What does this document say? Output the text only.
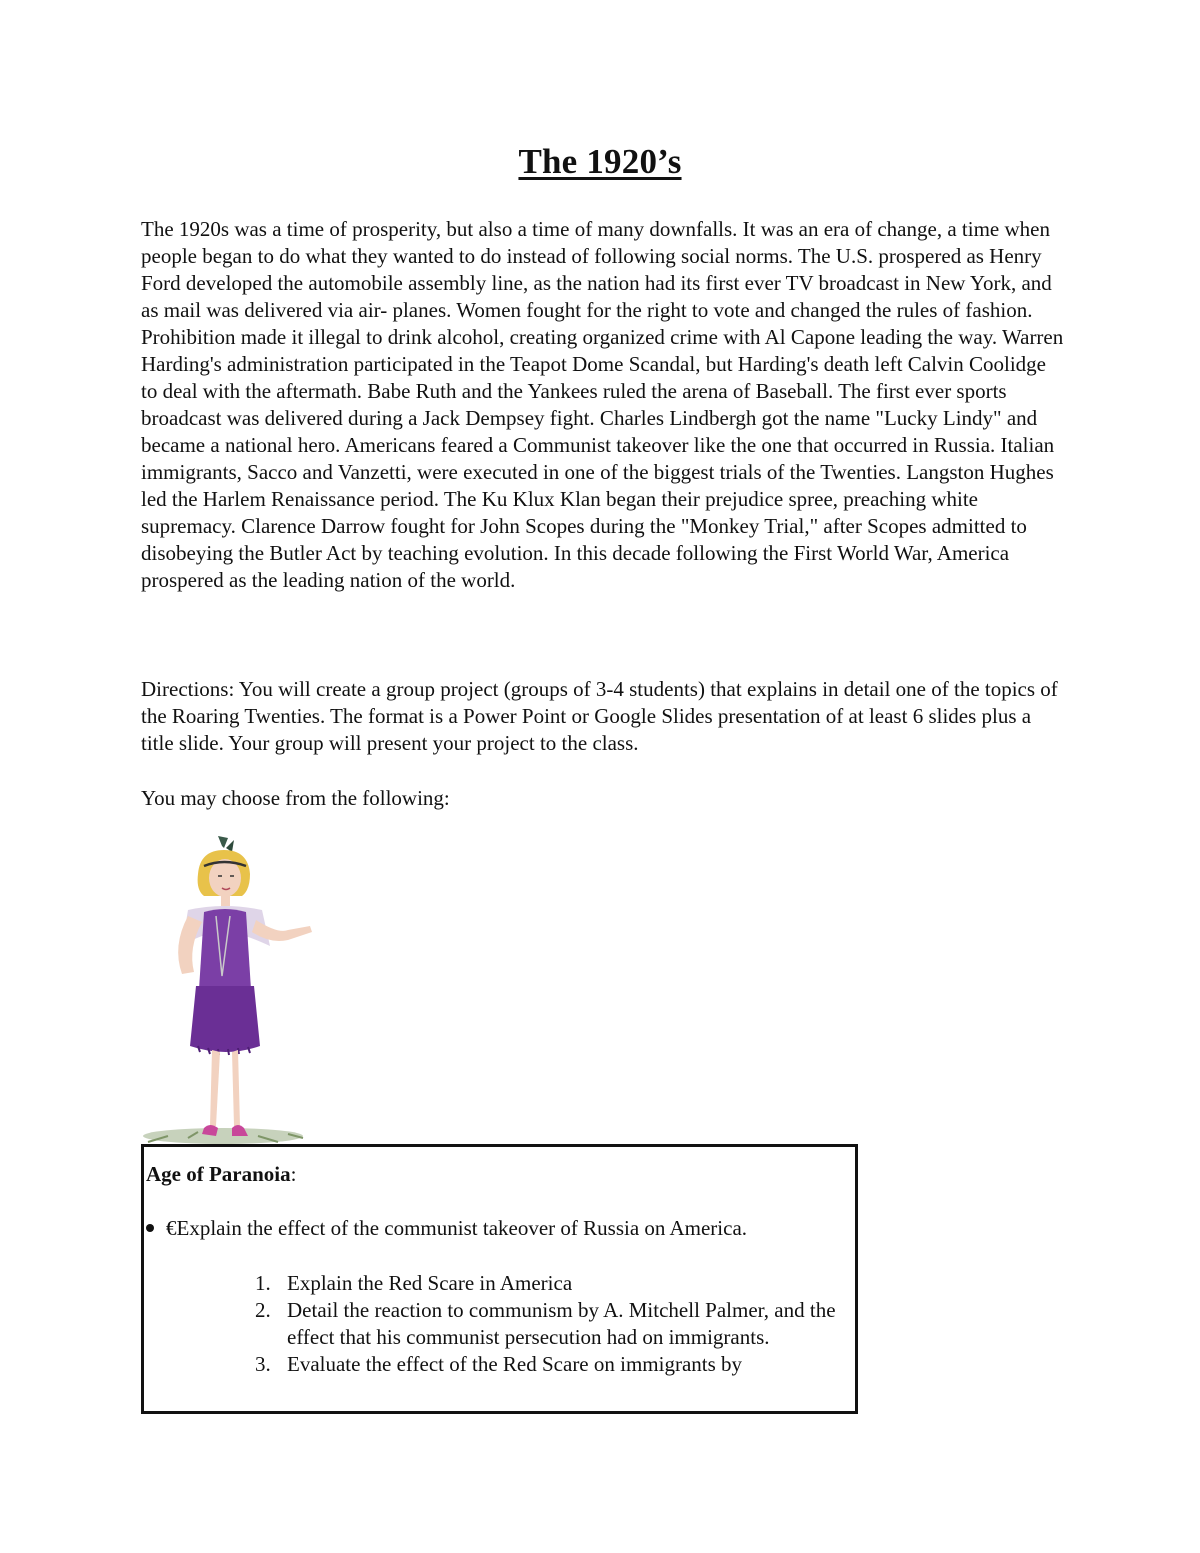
The 1920’s

The 1920s was a time of prosperity, but also a time of many downfalls. It was an era of change, a time when people began to do what they wanted to do instead of following social norms. The U.S. prospered as Henry Ford developed the automobile assembly line, as the nation had its first ever TV broadcast in New York, and as mail was delivered via air- planes. Women fought for the right to vote and changed the rules of fashion. Prohibition made it illegal to drink alcohol, creating organized crime with Al Capone leading the way. Warren Harding's administration participated in the Teapot Dome Scandal, but Harding's death left Calvin Coolidge to deal with the aftermath. Babe Ruth and the Yankees ruled the arena of Baseball. The first ever sports broadcast was delivered during a Jack Dempsey fight. Charles Lindbergh got the name "Lucky Lindy" and became a national hero. Americans feared a Communist takeover like the one that occurred in Russia. Italian immigrants, Sacco and Vanzetti, were executed in one of the biggest trials of the Twenties. Langston Hughes led the Harlem Renaissance period. The Ku Klux Klan began their prejudice spree, preaching white supremacy. Clarence Darrow fought for John Scopes during the "Monkey Trial," after Scopes admitted to disobeying the Butler Act by teaching evolution. In this decade following the First World War, America prospered as the leading nation of the world.

Directions: You will create a group project (groups of 3-4 students) that explains in detail one of the topics of the Roaring Twenties. The format is a Power Point or Google Slides presentation of at least 6 slides plus a title slide. Your group will present your project to the class.

You may choose from the following:

Age of Paranoia:

€Explain the effect of the communist takeover of Russia on America.
1. Explain the Red Scare in America
2. Detail the reaction to communism by A. Mitchell Palmer, and the effect that his communist persecution had on immigrants.
3. Evaluate the effect of the Red Scare on immigrants by
